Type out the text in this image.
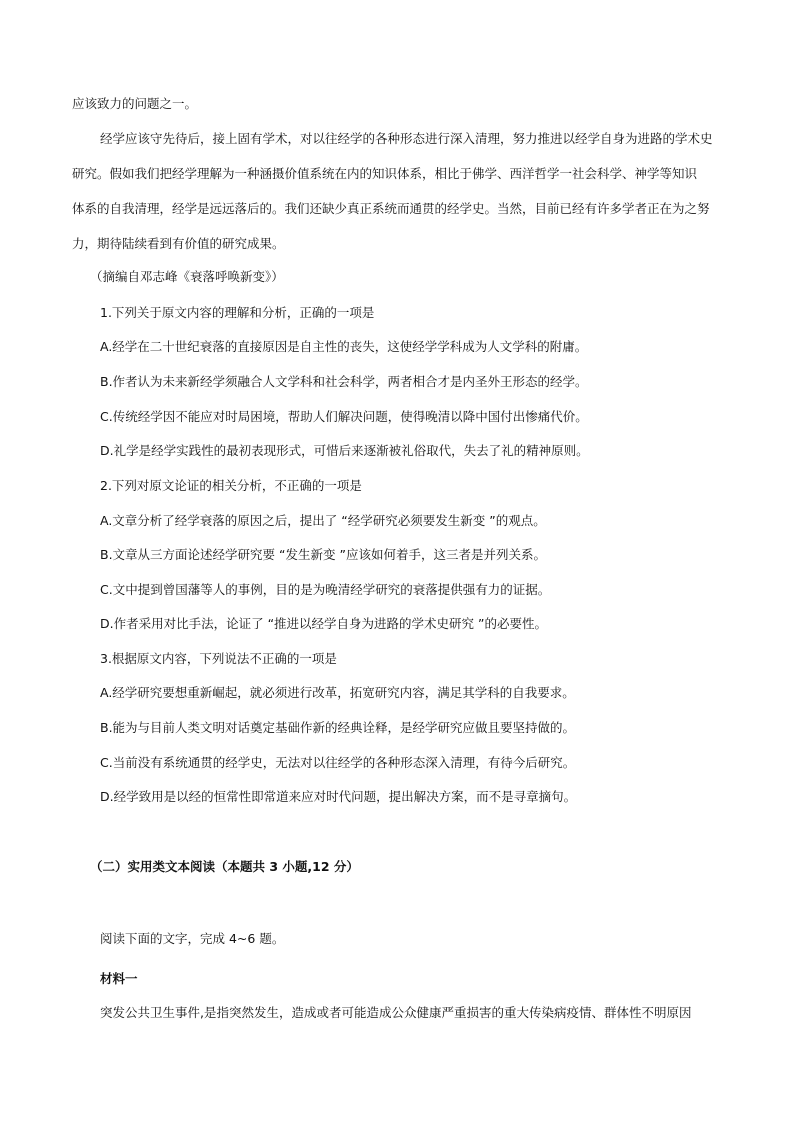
应该致力的问题之一。
经学应该守先待后，接上固有学术，对以往经学的各种形态进行深入清理，努力推进以经学自身为进路的学术史
研究。假如我们把经学理解为一种涵摄价值系统在内的知识体系，相比于佛学、西洋哲学一社会科学、神学等知识
体系的自我清理，经学是远远落后的。我们还缺少真正系统而通贯的经学史。当然，目前已经有许多学者正在为之努
力，期待陆续看到有价值的研究成果。
（摘编自邓志峰《衰落呼唤新变》）
1.下列关于原文内容的理解和分析，正确的一项是
A.经学在二十世纪衰落的直接原因是自主性的丧失，这使经学学科成为人文学科的附庸。
B.作者认为未来新经学须融合人文学科和社会科学，两者相合才是内圣外王形态的经学。
C.传统经学因不能应对时局困境，帮助人们解决问题，使得晚清以降中国付出惨痛代价。
D.礼学是经学实践性的最初表现形式，可惜后来逐渐被礼俗取代，失去了礼的精神原则。
2.下列对原文论证的相关分析，不正确的一项是
A.文章分析了经学衰落的原因之后，提出了 “经学研究必须要发生新变 ”的观点。
B.文章从三方面论述经学研究要 “发生新变 ”应该如何着手，这三者是并列关系。
C.文中提到曾国藩等人的事例，目的是为晚清经学研究的衰落提供强有力的证据。
D.作者采用对比手法，论证了 “推进以经学自身为进路的学术史研究 ”的必要性。
3.根据原文内容，下列说法不正确的一项是
A.经学研究要想重新崛起，就必须进行改革，拓宽研究内容，满足其学科的自我要求。
B.能为与目前人类文明对话奠定基础作新的经典诠释，是经学研究应做且要坚持做的。
C.当前没有系统通贯的经学史，无法对以往经学的各种形态深入清理，有待今后研究。
D.经学致用是以经的恒常性即常道来应对时代问题，提出解决方案，而不是寻章摘句。
（二）实用类文本阅读（本题共 3 小题,12 分）
阅读下面的文字，完成 4~6 题。
材料一
突发公共卫生事件,是指突然发生，造成或者可能造成公众健康严重损害的重大传染病疫情、群体性不明原因
